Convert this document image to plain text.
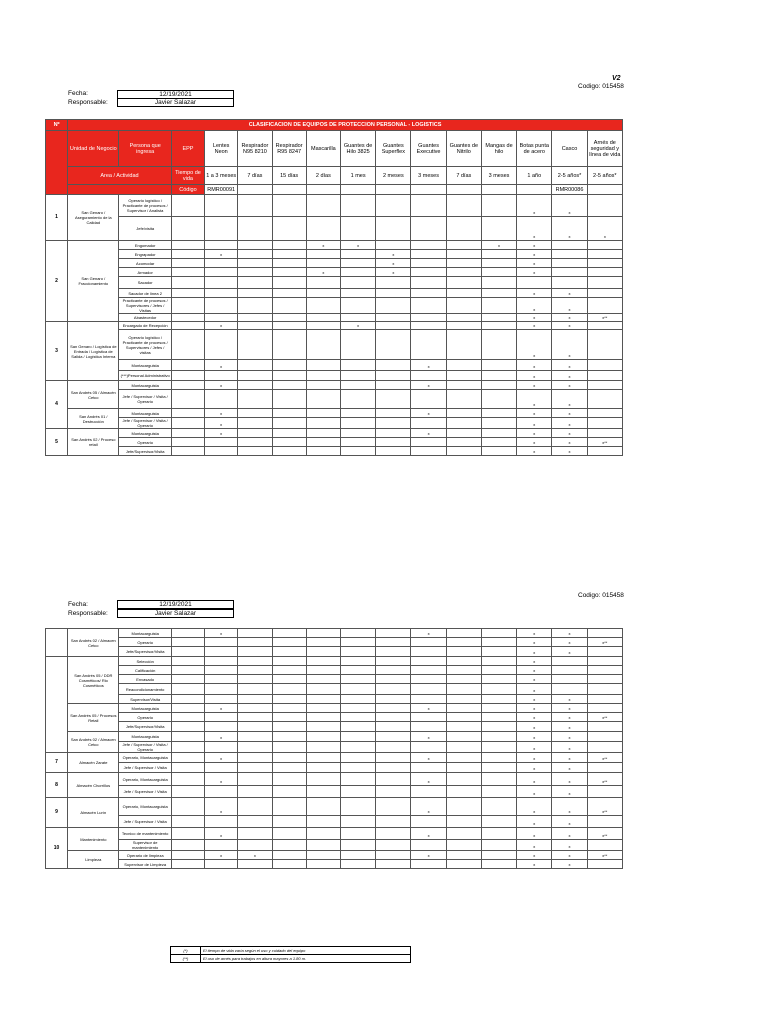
V2
Codigo: 015458
Fecha:	12/19/2021
Responsable:	Javier Salazar
Nº	CLASIFICACION DE EQUIPOS DE PROTECCION PERSONAL - LOGISTICS														
	Unidad de Negocio	Persona que ingresa	EPP	Lentes Neon	Respirador N95 8210	Respirador R95 8247	Mascarilla	Guantes de Hilo 3825	Guantes Superflex	Guantes Executive	Guantes de Nitrilo	Mangas de hilo	Botas punta de acero	Casco	Arnés de seguridad y línea de vida
	Area / Actividad		Tiempo de vida	1 a 3 meses	7 días	15 días	2 días	1 mes	2 meses	3 meses	7 días	3 meses	1 año	2-5 años*	2-5 años*
			Código	RMR00091										RMR00086	
1	San Genaro / Aseguramiento de la Calidad	Operario logístico / Practicante de procesos / Supervisor / Analista											x	x	
		Jefe/visita											x	x	x
2	San Genaro / Fraccionamiento	Engomador					x	x				x	x		
		Engrapador		x					x				x		
		Acomodar							x				x		
		Armador					x		x				x		
		Sacador													
		Sacador de línea 2											x	x	
		Practicante de procesos / Supervisores / Jefes / Visitas											x	x	
		Abastecedor											x	x	x**
3	San Genaro / Logística de Entrada / Logística de Salida / Logística Interna	Encargado de Recepción		x				x					x	x	
		Operario logístico / Practicante de procesos / Supervisores / Jefes / visitas											x	x	
		Montacarguista		x						x			x	x	
		(***)Personal Administrativo											x	x	
4	San Andrés 05 / Almacén Cetco	Montacarguista		x						x			x	x	
		Jefe / Supervisor / Visita / Operario											x	x	
	San Andrés 01 / Destrucción	Montacarguista		x						x			x	x	
		Jefe / Supervisor / Visita / Operario		x									x	x	
5	San Andrés 02 / Proceso retail	Montacarguista		x						x			x	x	
		Operario											x	x	x**
		Jefe/Supervisor/Visita											x	x	
Codigo: 015458
Fecha:	12/19/2021
Responsable:	Javier Salazar
	San Andrés 02 / Almacen Cetco	Montacarguista		x						x			x	x	
		Operario											x	x	x**
		Jefe/Supervisor/Visita											x	x	
	San Andrés 05 / DDR Cosméticos/ Rio Cosméticos	Selección											x		
		Calificación											x		
		Envasado											x		
		Reacondicionamiento											x		
		Supervisor/Visita											x	x	
	San Andrés 05 / Procesos Retail	Montacarguista		x						x			x	x	
		Operario											x	x	x**
		Jefe/Supervisor/Visita											x	x	
	San Andrés 02 / Almacen Cetco	Montacarguista		x						x			x	x	
		Jefe / Supervisor / Visita / Operario											x	x	
7	Almacén Zarate	Operario, Montacarguista		x						x			x	x	x**
		Jefe / Supervisor / Visita											x	x	
8	Almacén Chorrillos	Operario, Montacarguista		x						x			x	x	x**
		Jefe / Supervisor / Visita											x	x	
9	Almacén Lurín	Operario, Montacarguista		x						x			x	x	x**
		Jefe / Supervisor / Visita											x	x	
10	Mantenimiento	Tecnico de mantenimiento		x						x			x	x	x**
		Supervisor de mantenimiento											x	x	
	Limpieza	Operario de limpieza		x	x					x			x	x	x**
		Supervisor de Limpieza											x	x	
(*)	El tiempo de vida varía según el uso y cuidado del equipo
(**)	El uso de arnés para trabajos en altura mayores a 1.80 m.
